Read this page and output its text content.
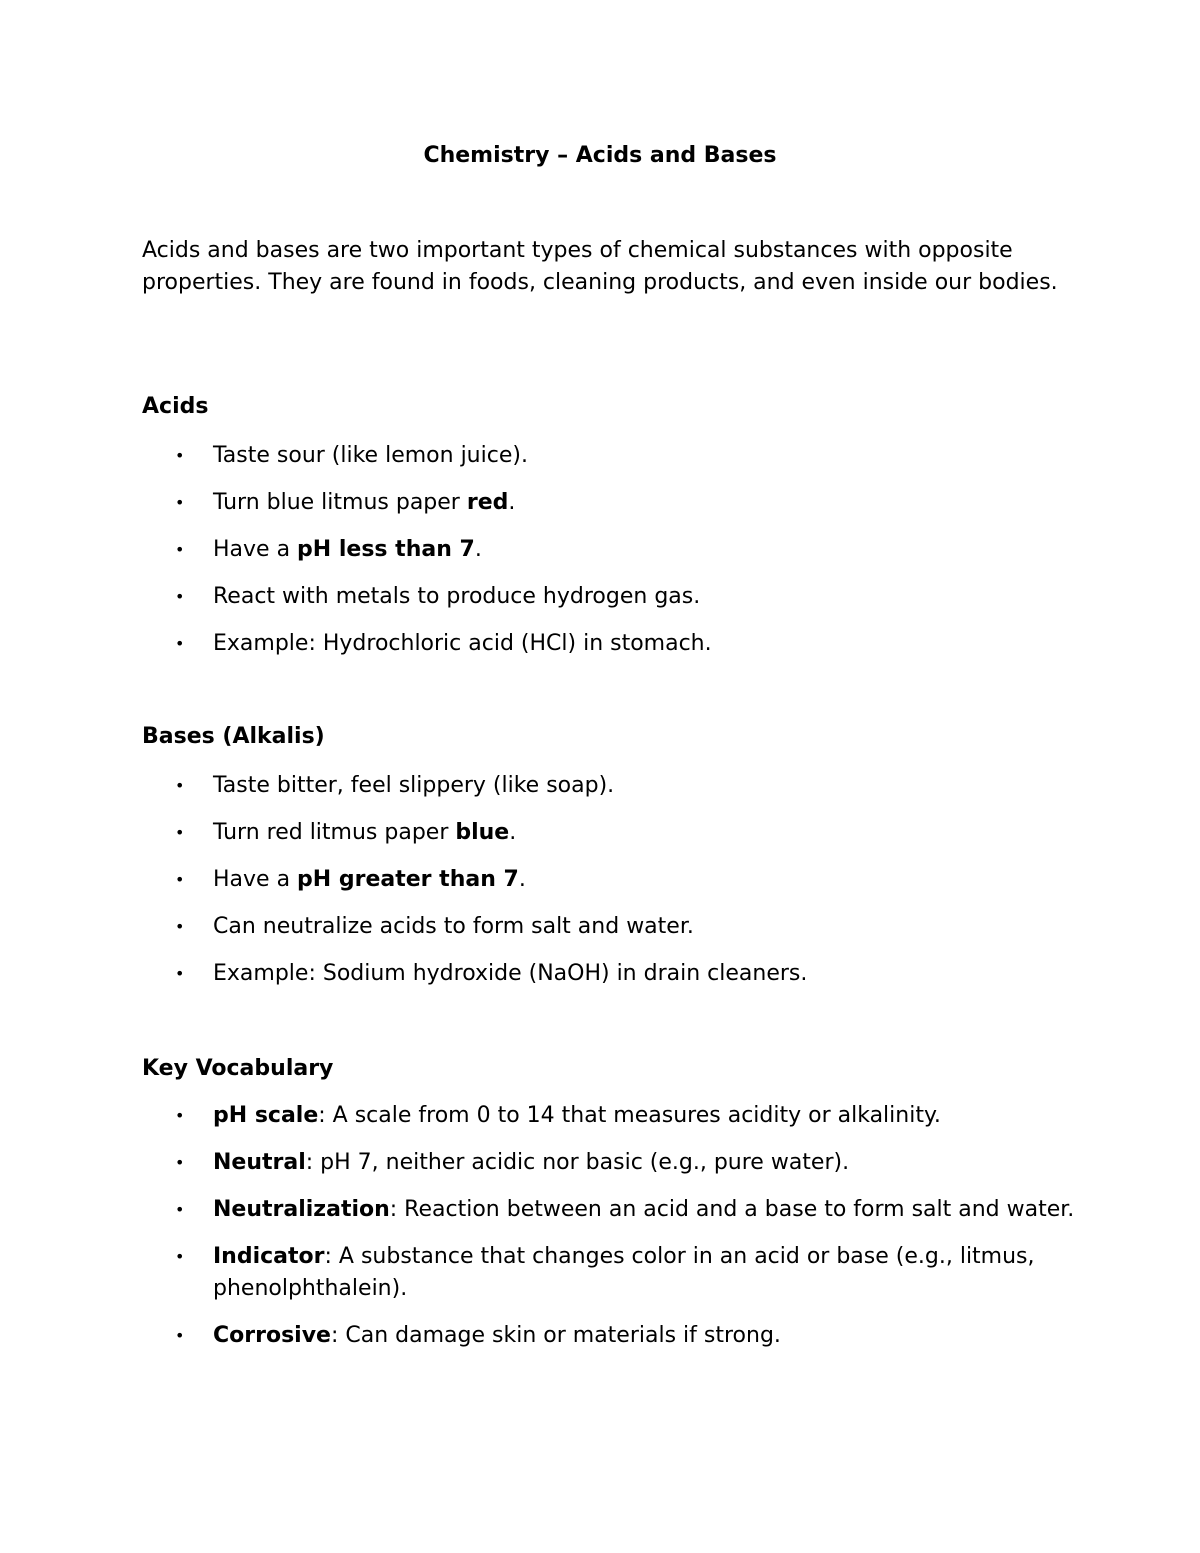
Chemistry – Acids and Bases

Acids and bases are two important types of chemical substances with opposite properties. They are found in foods, cleaning products, and even inside our bodies.

Acids
• Taste sour (like lemon juice).
• Turn blue litmus paper red.
• Have a pH less than 7.
• React with metals to produce hydrogen gas.
• Example: Hydrochloric acid (HCl) in stomach.
Bases (Alkalis)
• Taste bitter, feel slippery (like soap).
• Turn red litmus paper blue.
• Have a pH greater than 7.
• Can neutralize acids to form salt and water.
• Example: Sodium hydroxide (NaOH) in drain cleaners.
Key Vocabulary
• pH scale: A scale from 0 to 14 that measures acidity or alkalinity.
• Neutral: pH 7, neither acidic nor basic (e.g., pure water).
• Neutralization: Reaction between an acid and a base to form salt and water.
• Indicator: A substance that changes color in an acid or base (e.g., litmus, phenolphthalein).
• Corrosive: Can damage skin or materials if strong.
